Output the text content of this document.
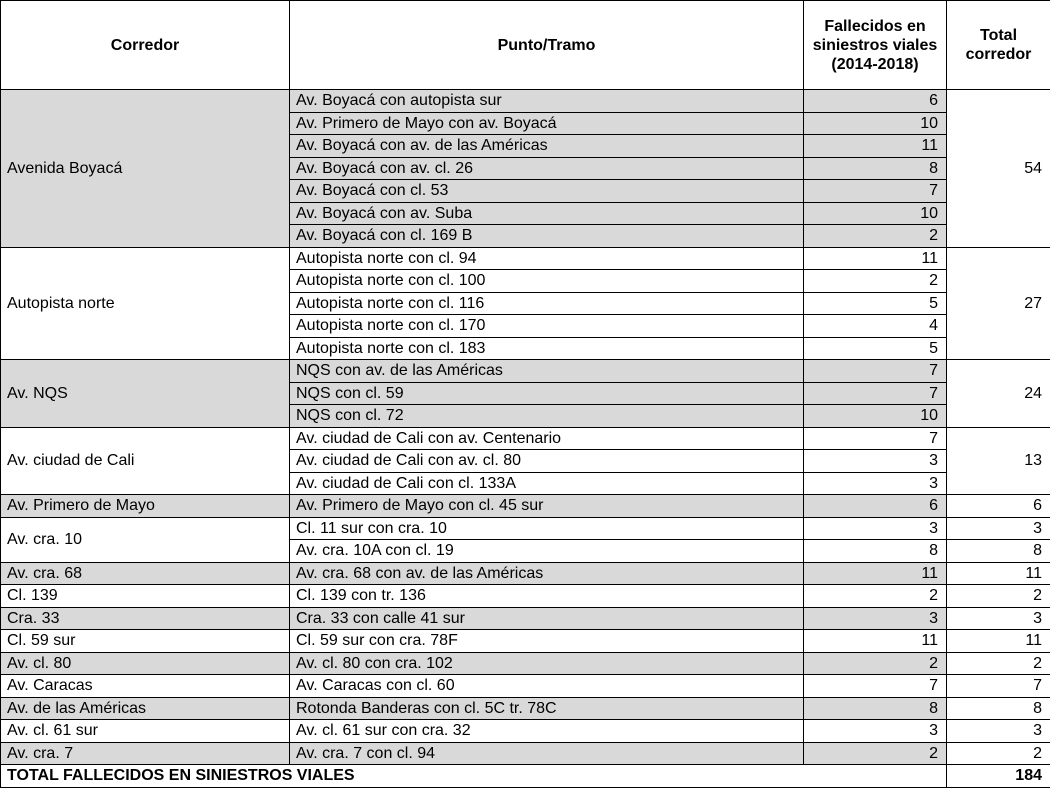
Corredor	Punto/Tramo	Fallecidos en siniestros viales (2014-2018)	Total corredor
Avenida Boyacá	Av. Boyacá con autopista sur	6	54
	Av. Primero de Mayo con av. Boyacá	10	
	Av. Boyacá con av. de las Américas	11	
	Av. Boyacá con av. cl. 26	8	
	Av. Boyacá con cl. 53	7	
	Av. Boyacá con av. Suba	10	
	Av. Boyacá con cl. 169 B	2	
Autopista norte	Autopista norte con cl. 94	11	27
	Autopista norte con cl. 100	2	
	Autopista norte con cl. 116	5	
	Autopista norte con cl. 170	4	
	Autopista norte con cl. 183	5	
Av. NQS	NQS con av. de las Américas	7	24
	NQS con cl. 59	7	
	NQS con cl. 72	10	
Av. ciudad de Cali	Av. ciudad de Cali con av. Centenario	7	13
	Av. ciudad de Cali con av. cl. 80	3	
	Av. ciudad de Cali con cl. 133A	3	
Av. Primero de Mayo	Av. Primero de Mayo con cl. 45 sur	6	6
Av. cra. 10	Cl. 11 sur con cra. 10	3	3
	Av. cra. 10A con cl. 19	8	8
Av. cra. 68	Av. cra. 68 con av. de las Américas	11	11
Cl. 139	Cl. 139 con tr. 136	2	2
Cra. 33	Cra. 33 con calle 41 sur	3	3
Cl. 59 sur	Cl. 59 sur con cra. 78F	11	11
Av. cl. 80	Av. cl. 80 con cra. 102	2	2
Av. Caracas	Av. Caracas con cl. 60	7	7
Av. de las Américas	Rotonda Banderas con cl. 5C tr. 78C	8	8
Av. cl. 61 sur	Av. cl. 61 sur con cra. 32	3	3
Av. cra. 7	Av. cra. 7 con cl. 94	2	2
TOTAL FALLECIDOS EN SINIESTROS VIALES			184
